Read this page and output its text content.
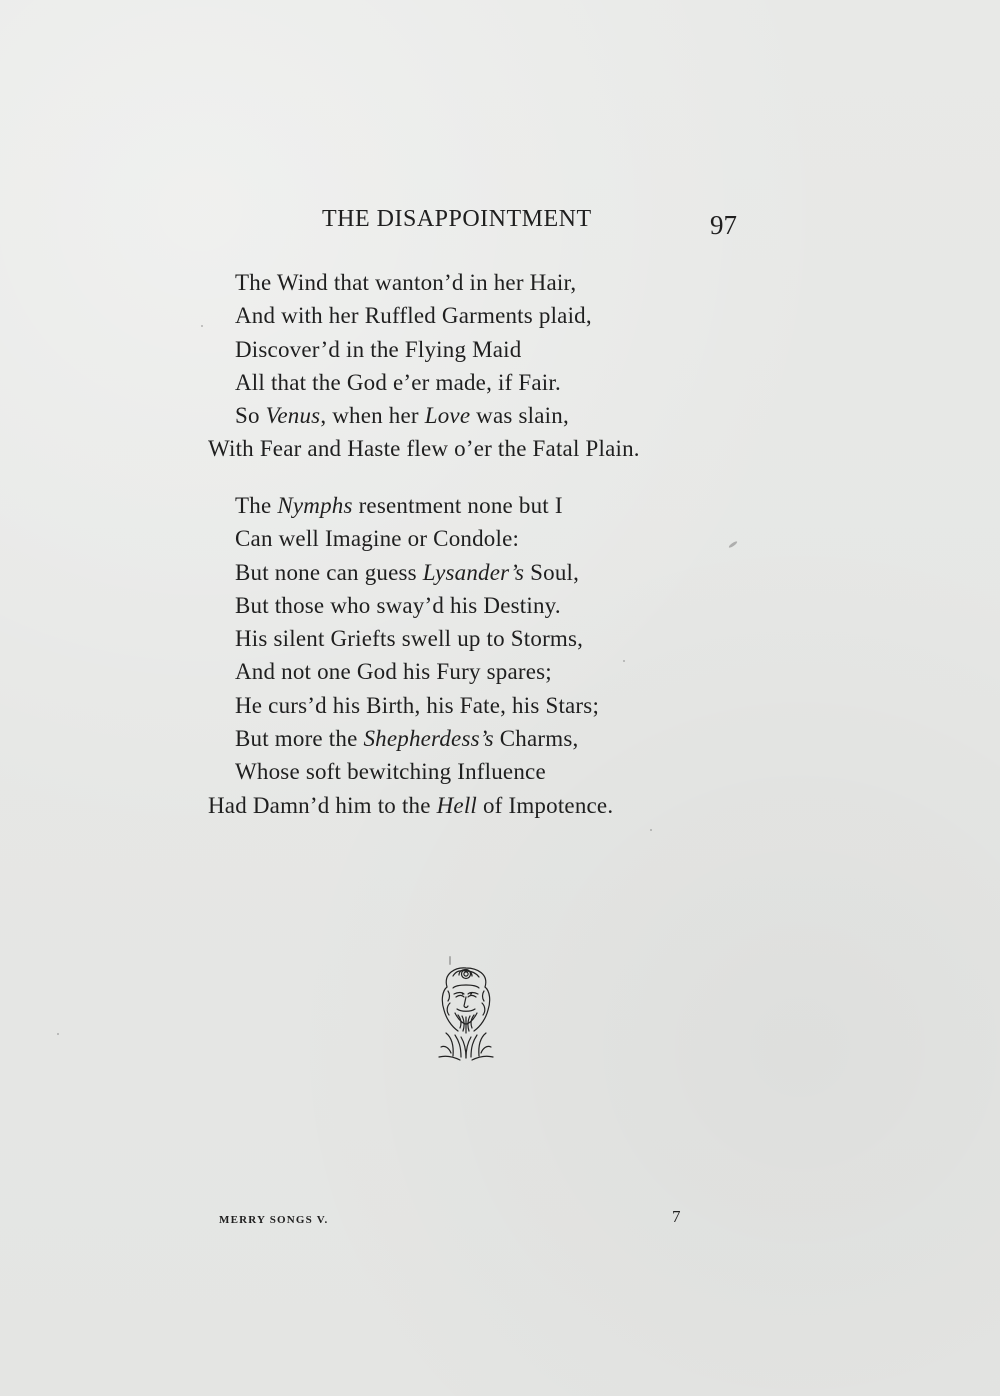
THE DISAPPOINTMENT	97
The Wind that wanton’d in her Hair,
And with her Ruffled Garments plaid,
Discover’d in the Flying Maid
All that the God e’er made, if Fair.
So Venus, when her Love was slain,
With Fear and Haste flew o’er the Fatal Plain.
The Nymphs resentment none but I
Can well Imagine or Condole:
But none can guess Lysander’s Soul,
But those who sway’d his Destiny.
His silent Griefts swell up to Storms,
And not one God his Fury spares;
He curs’d his Birth, his Fate, his Stars;
But more the Shepherdess’s Charms,
Whose soft bewitching Influence
Had Damn’d him to the Hell of Impotence.
MERRY SONGS V.	7
